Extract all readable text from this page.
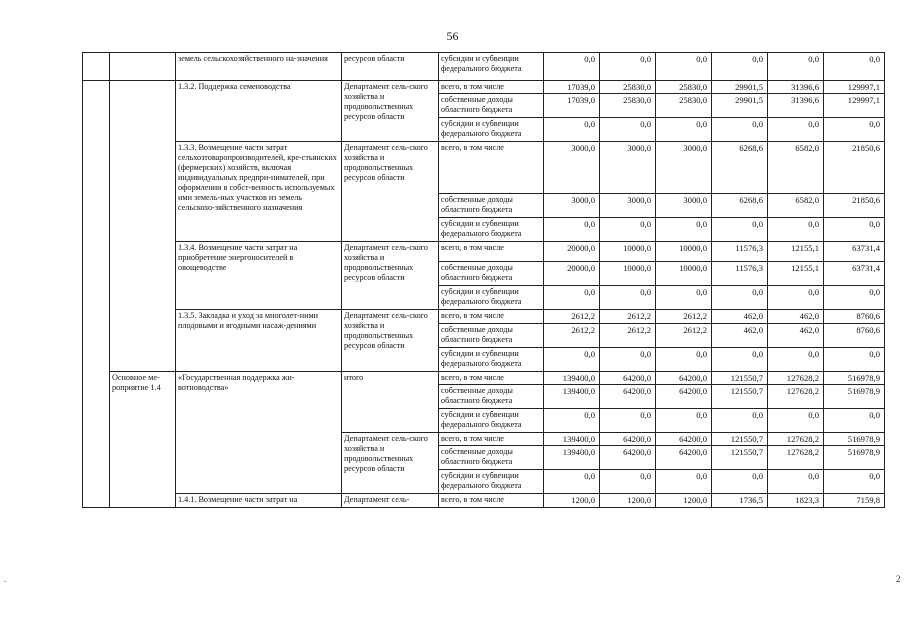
56
		земель сельскохозяйственного на-значения	ресурсов области	субсидии и субвенции федерального бюджета	0,0	0,0	0,0	0,0	0,0	0,0
		1.3.2. Поддержка семеноводства	Департамент сель-ского хозяйства и продовольственных ресурсов области	всего, в том числе	17039,0	25830,0	25830,0	29901,5	31396,6	129997,1
				собственные доходы областного бюджета	17039,0	25830,0	25830,0	29901,5	31396,6	129997,1
				субсидии и субвенции федерального бюджета	0,0	0,0	0,0	0,0	0,0	0,0
		1.3.3. Возмещение части затрат сельхозтоваропроизводителей, кре-стьянских (фермерских) хозяйств, включая индивидуальных предпри-нимателей, при оформлении в собст-венность используемых ими земель-ных участков из земель сельскохо-зяйственного назначения	Департамент сель-ского хозяйства и продовольственных ресурсов области	всего, в том числе	3000,0	3000,0	3000,0	6268,6	6582,0	21850,6
				собственные доходы областного бюджета	3000,0	3000,0	3000,0	6268,6	6582,0	21850,6
				субсидии и субвенции федерального бюджета	0,0	0,0	0,0	0,0	0,0	0,0
		1.3.4. Возмещение части затрат на приобретение энергоносителей в овощеводстве	Департамент сель-ского хозяйства и продовольственных ресурсов области	всего, в том числе	20000,0	10000,0	10000,0	11576,3	12155,1	63731,4
				собственные доходы областного бюджета	20000,0	10000,0	10000,0	11576,3	12155,1	63731,4
				субсидии и субвенции федерального бюджета	0,0	0,0	0,0	0,0	0,0	0,0
		1.3.5. Закладка и уход за многолет-ними плодовыми и ягодными насаж-дениями	Департамент сель-ского хозяйства и продовольственных ресурсов области	всего, в том числе	2612,2	2612,2	2612,2	462,0	462,0	8760,6
				собственные доходы областного бюджета	2612,2	2612,2	2612,2	462,0	462,0	8760,6
				субсидии и субвенции федерального бюджета	0,0	0,0	0,0	0,0	0,0	0,0
	Основное ме-роприятие 1.4	«Государственная поддержка жи-вотноводства»	итого	всего, в том числе	139400,0	64200,0	64200,0	121550,7	127628,2	516978,9
				собственные доходы областного бюджета	139400,0	64200,0	64200,0	121550,7	127628,2	516978,9
				субсидии и субвенции федерального бюджета	0,0	0,0	0,0	0,0	0,0	0,0
			Департамент сель-ского хозяйства и продовольственных ресурсов области	всего, в том числе	139400,0	64200,0	64200,0	121550,7	127628,2	516978,9
				собственные доходы областного бюджета	139400,0	64200,0	64200,0	121550,7	127628,2	516978,9
				субсидии и субвенции федерального бюджета	0,0	0,0	0,0	0,0	0,0	0,0
		1.4.1. Возмещение части затрат на	Департамент сель-	всего, в том числе	1200,0	1200,0	1200,0	1736,5	1823,3	7159,8
.	2
